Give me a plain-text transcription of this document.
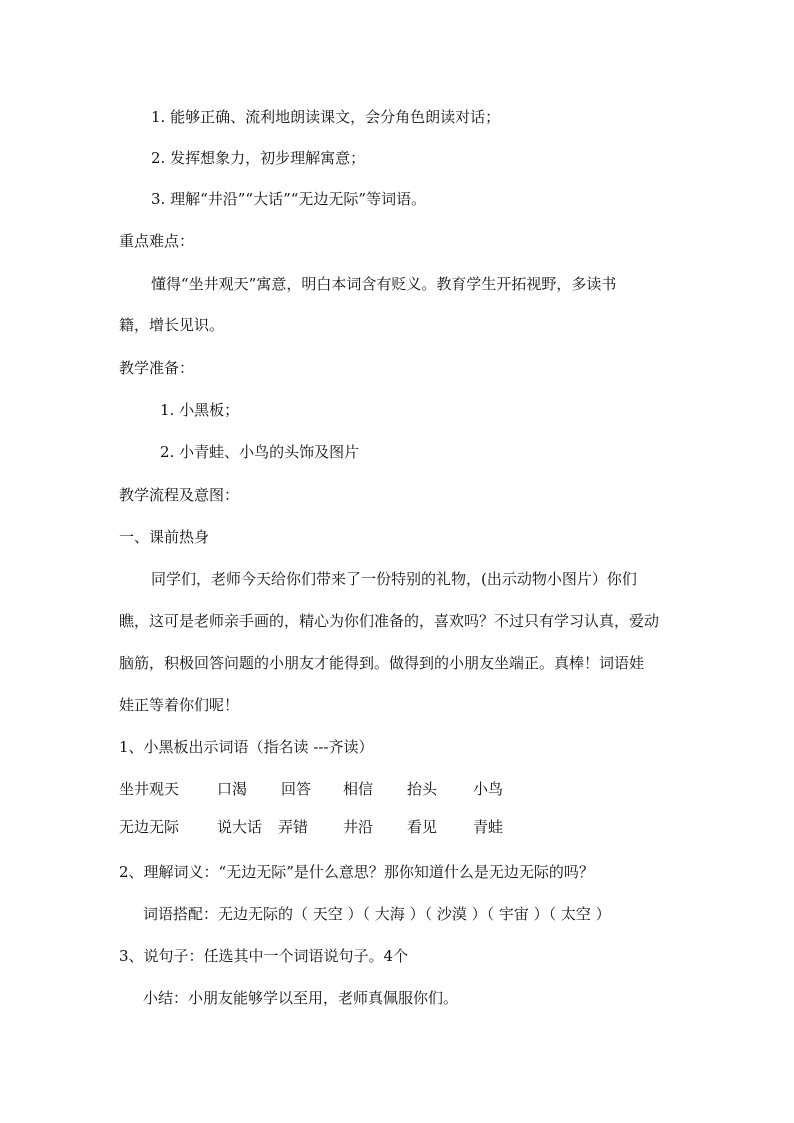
1. 能够正确、流利地朗读课文，会分角色朗读对话；
2. 发挥想象力，初步理解寓意；
3. 理解“井沿”“大话”“无边无际”等词语。
重点难点：
懂得“坐井观天”寓意，明白本词含有贬义。教育学生开拓视野，多读书
籍，增长见识。
教学准备：
1. 小黑板；
2. 小青蛙、小鸟的头饰及图片
教学流程及意图：
一、课前热身
同学们，老师今天给你们带来了一份特别的礼物，(出示动物小图片）你们
瞧，这可是老师亲手画的，精心为你们准备的，喜欢吗？不过只有学习认真，爱动
脑筋，积极回答问题的小朋友才能得到。做得到的小朋友坐端正。真棒！词语娃
娃正等着你们呢！
1、小黑板出示词语（指名读 ---齐读）
坐井观天	口渴 回答 相信 抬头 小鸟
无边无际	说大话 弄错 井沿 看见 青蛙
2、理解词义：“无边无际”是什么意思？那你知道什么是无边无际的吗？
词语搭配：无边无际的（ 天空 ）（ 大海 ）（ 沙漠 ）（ 宇宙 ）（ 太空 ）
3、说句子：任选其中一个词语说句子。4个
小结：小朋友能够学以至用，老师真佩服你们。
